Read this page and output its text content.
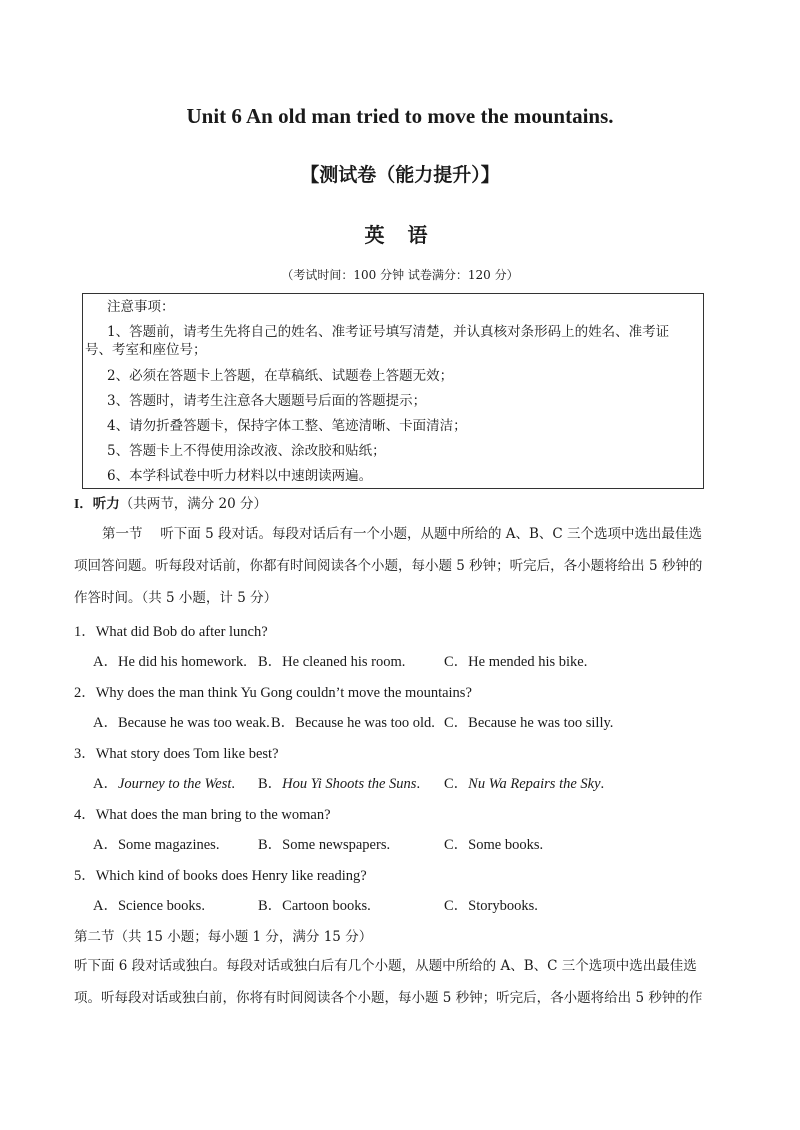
Unit 6 An old man tried to move the mountains.
【测试卷（能力提升）】
英 语
（考试时间：100 分钟 试卷满分：120 分）
注意事项：
1、答题前，请考生先将自己的姓名、准考证号填写清楚，并认真核对条形码上的姓名、准考证
号、考室和座位号；
2、必须在答题卡上答题，在草稿纸、试题卷上答题无效；
3、答题时，请考生注意各大题题号后面的答题提示；
4、请勿折叠答题卡，保持字体工整、笔迹清晰、卡面清洁；
5、答题卡上不得使用涂改液、涂改胶和贴纸；
6、本学科试卷中听力材料以中速朗读两遍。
I．听力（共两节，满分 20 分）
第一节　 听下面 5 段对话。每段对话后有一个小题，从题中所给的 A、B、C 三个选项中选出最佳选
项回答问题。听每段对话前，你都有时间阅读各个小题，每小题 5 秒钟；听完后，各小题将给出 5 秒钟的
作答时间。（共 5 小题，计 5 分）
1．What did Bob do after lunch?
A．He did his homework. B．He cleaned his room.	C．He mended his bike.
2．Why does the man think Yu Gong couldn’t move the mountains?
A．Because he was too weak. B．Because he was too old. C．Because he was too silly.
3．What story does Tom like best?
A．Journey to the West. B．Hou Yi Shoots the Suns. C．Nu Wa Repairs the Sky.
4．What does the man bring to the woman?
A．Some magazines.	B．Some newspapers.	C．Some books.
5．Which kind of books does Henry like reading?
A．Science books.	B．Cartoon books.	C．Storybooks.
第二节（共 15 小题；每小题 1 分，满分 15 分）
听下面 6 段对话或独白。每段对话或独白后有几个小题，从题中所给的 A、B、C 三个选项中选出最佳选
项。听每段对话或独白前，你将有时间阅读各个小题，每小题 5 秒钟；听完后，各小题将给出 5 秒钟的作
